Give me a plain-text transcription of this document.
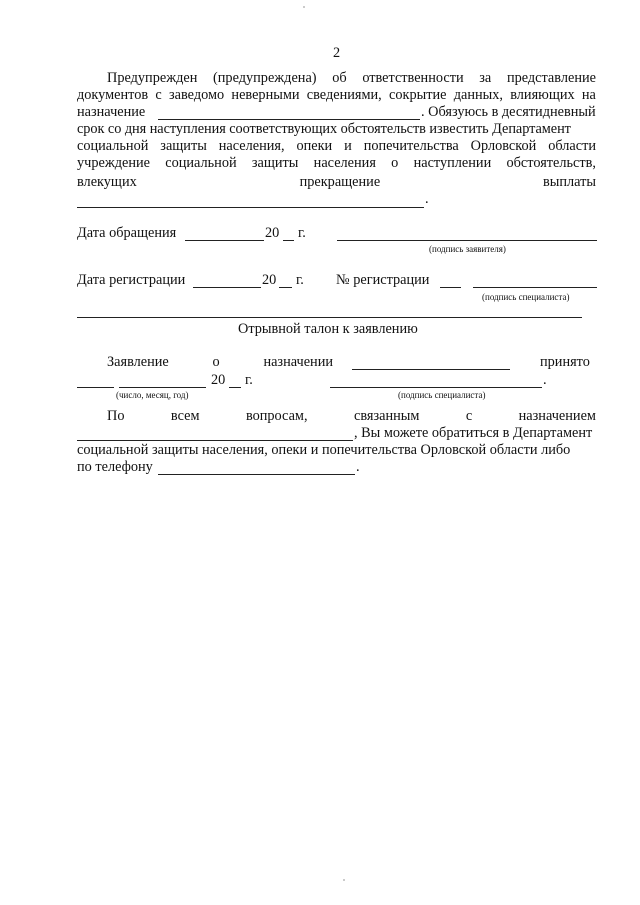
2
Предупрежден (предупреждена) об ответственности за представление
документов с заведомо неверными сведениями, сокрытие данных, влияющих на
назначение	. Обязуюсь в десятидневный
срок со дня наступления соответствующих обстоятельств известить Департамент
социальной защиты населения, опеки и попечительства Орловской области
учреждение социальной защиты населения о наступлении обстоятельств,
влекущих	прекращение	выплаты
.
Дата обращения	20 г.
(подпись заявителя)
Дата регистрации	20 г. № регистрации
(подпись специалиста)
Отрывной талон к заявлению
Заявление	о	назначении	принято
20 г.	.
(число, месяц, год)	(подпись специалиста)
По	всем	вопросам,	связанным	с	назначением
, Вы можете обратиться в Департамент
социальной защиты населения, опеки и попечительства Орловской области либо
по телефону	.
